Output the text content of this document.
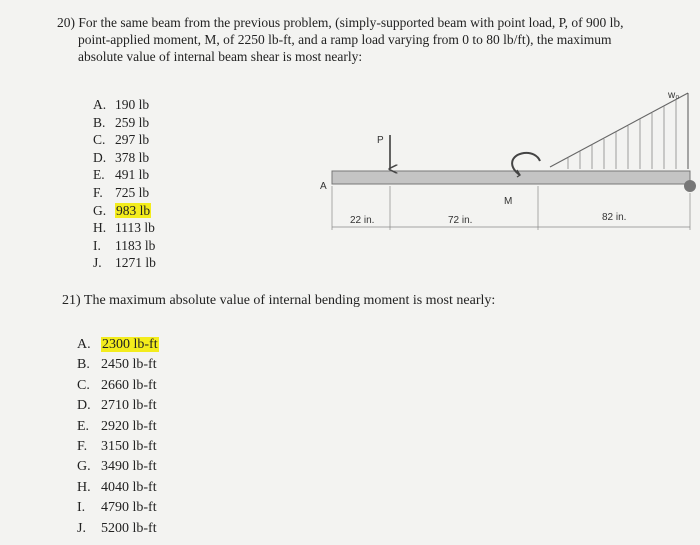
20) For the same beam from the previous problem, (simply-supported beam with point load, P, of 900 lb,
point-applied moment, M, of 2250 lb-ft, and a ramp load varying from 0 to 80 lb/ft), the maximum
absolute value of internal beam shear is most nearly:
A. 190 lb
B. 259 lb
C. 297 lb
D. 378 lb
E. 491 lb
F. 725 lb
G. 983 lb
H. 1113 lb
I. 1183 lb
J. 1271 lb
w₀
A
P
M
22 in.	72 in.	82 in.
21) The maximum absolute value of internal bending moment is most nearly:
A. 2300 lb-ft
B. 2450 lb-ft
C. 2660 lb-ft
D. 2710 lb-ft
E. 2920 lb-ft
F. 3150 lb-ft
G. 3490 lb-ft
H. 4040 lb-ft
I. 4790 lb-ft
J. 5200 lb-ft
